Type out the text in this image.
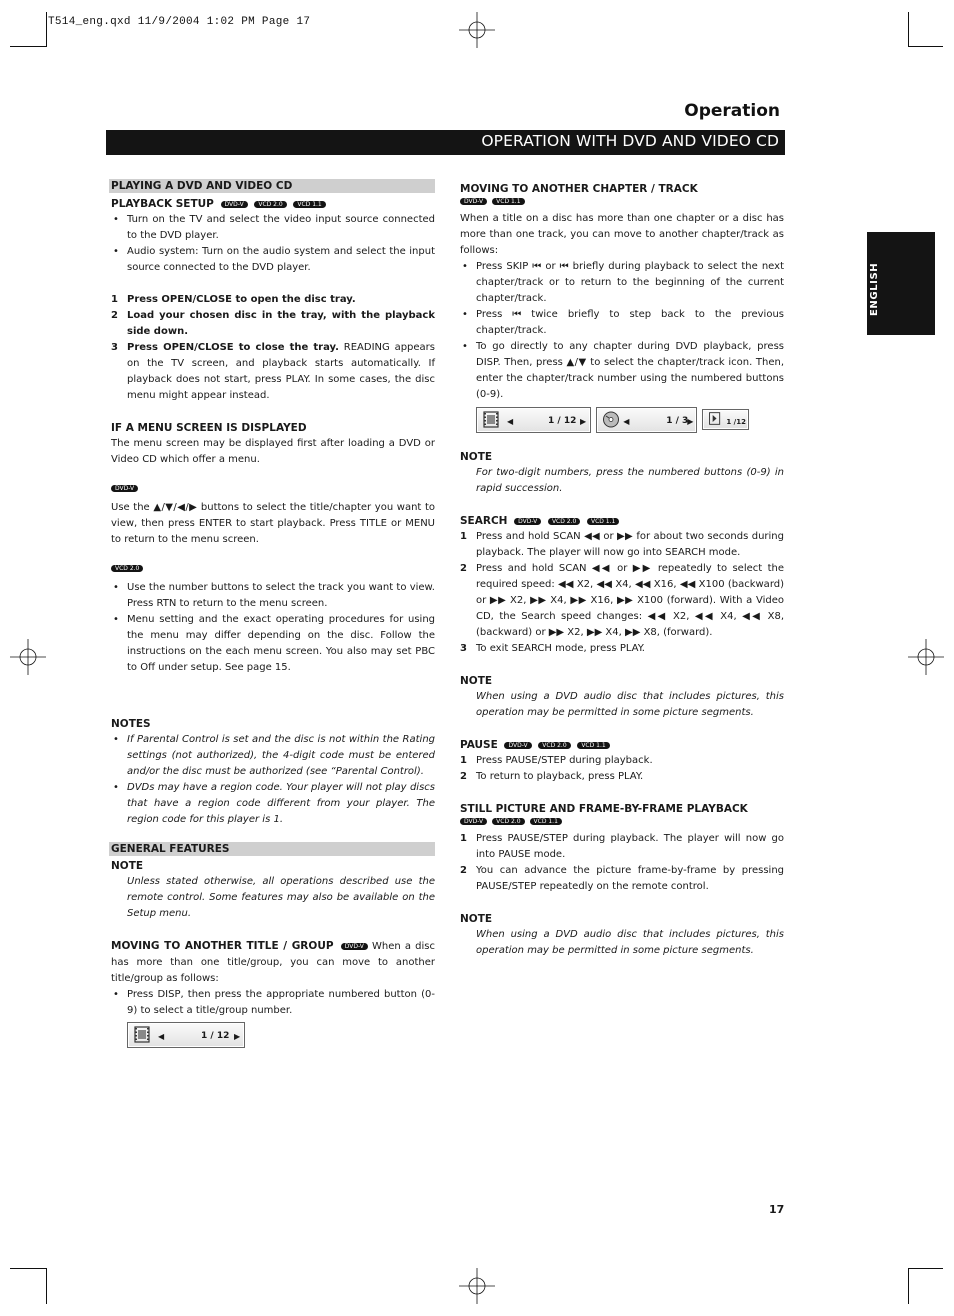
T514_eng.qxd 11/9/2004 1:02 PM Page 17
Operation
OPERATION WITH DVD AND VIDEO CD
ENGLISH
PLAYING A DVD AND VIDEO CD
PLAYBACK SETUP DVD-V VCD 2.0 VCD 1.1
• Turn on the TV and select the video input source connected to the DVD player.
• Audio system: Turn on the audio system and select the input source connected to the DVD player.
1 Press OPEN/CLOSE to open the disc tray.
2 Load your chosen disc in the tray, with the playback side down.
3 Press OPEN/CLOSE to close the tray. READING appears on the TV screen, and playback starts automatically. If playback does not start, press PLAY. In some cases, the disc menu might appear instead.
IF A MENU SCREEN IS DISPLAYED
The menu screen may be displayed first after loading a DVD or Video CD which offer a menu.
DVD-V
Use the ▲/▼/◀/▶ buttons to select the title/chapter you want to view, then press ENTER to start playback. Press TITLE or MENU to return to the menu screen.
VCD 2.0
• Use the number buttons to select the track you want to view. Press RTN to return to the menu screen.
• Menu setting and the exact operating procedures for using the menu may differ depending on the disc. Follow the instructions on the each menu screen. You also may set PBC to Off under setup. See page 15.
NOTES
• If Parental Control is set and the disc is not within the Rating settings (not authorized), the 4-digit code must be entered and/or the disc must be authorized (see “Parental Control).
• DVDs may have a region code. Your player will not play discs that have a region code different from your player. The region code for this player is 1.
GENERAL FEATURES
NOTE
Unless stated otherwise, all operations described use the remote control. Some features may also be available on the Setup menu.
MOVING TO ANOTHER TITLE / GROUP DVD-V When a disc has more than one title/group, you can move to another title/group as follows:
• Press DISP, then press the appropriate numbered button (0-9) to select a title/group number.
◀	1 / 12 ▶
MOVING TO ANOTHER CHAPTER / TRACK
DVD-V VCD 1.1
When a title on a disc has more than one chapter or a disc has more than one track, you can move to another chapter/track as follows:
• Press SKIP ⏮ or ⏮ briefly during playback to select the next chapter/track or to return to the beginning of the current chapter/track.
• Press ⏮ twice briefly to step back to the previous chapter/track.
• To go directly to any chapter during DVD playback, press DISP. Then, press ▲/▼ to select the chapter/track icon. Then, enter the chapter/track number using the numbered buttons (0-9).
◀	1 / 12 ▶
	◀	1 / 3
▶
	1 /12
NOTE
For two-digit numbers, press the numbered buttons (0-9) in rapid succession.
SEARCH DVD-V VCD 2.0 VCD 1.1
1 Press and hold SCAN ◀◀ or ▶▶ for about two seconds during playback. The player will now go into SEARCH mode.
2 Press and hold SCAN ◀◀ or ▶▶ repeatedly to select the required speed: ◀◀ X2, ◀◀ X4, ◀◀ X16, ◀◀ X100 (backward) or ▶▶ X2, ▶▶ X4, ▶▶ X16, ▶▶ X100 (forward). With a Video CD, the Search speed changes: ◀◀ X2, ◀◀ X4, ◀◀ X8, (backward) or ▶▶ X2, ▶▶ X4, ▶▶ X8, (forward).
3 To exit SEARCH mode, press PLAY.
NOTE
When using a DVD audio disc that includes pictures, this operation may be permitted in some picture segments.
PAUSE DVD-V VCD 2.0 VCD 1.1
1 Press PAUSE/STEP during playback.
2 To return to playback, press PLAY.
STILL PICTURE AND FRAME-BY-FRAME PLAYBACK
DVD-V VCD 2.0 VCD 1.1
1 Press PAUSE/STEP during playback. The player will now go into PAUSE mode.
2 You can advance the picture frame-by-frame by pressing PAUSE/STEP repeatedly on the remote control.
NOTE
When using a DVD audio disc that includes pictures, this operation may be permitted in some picture segments.
17
